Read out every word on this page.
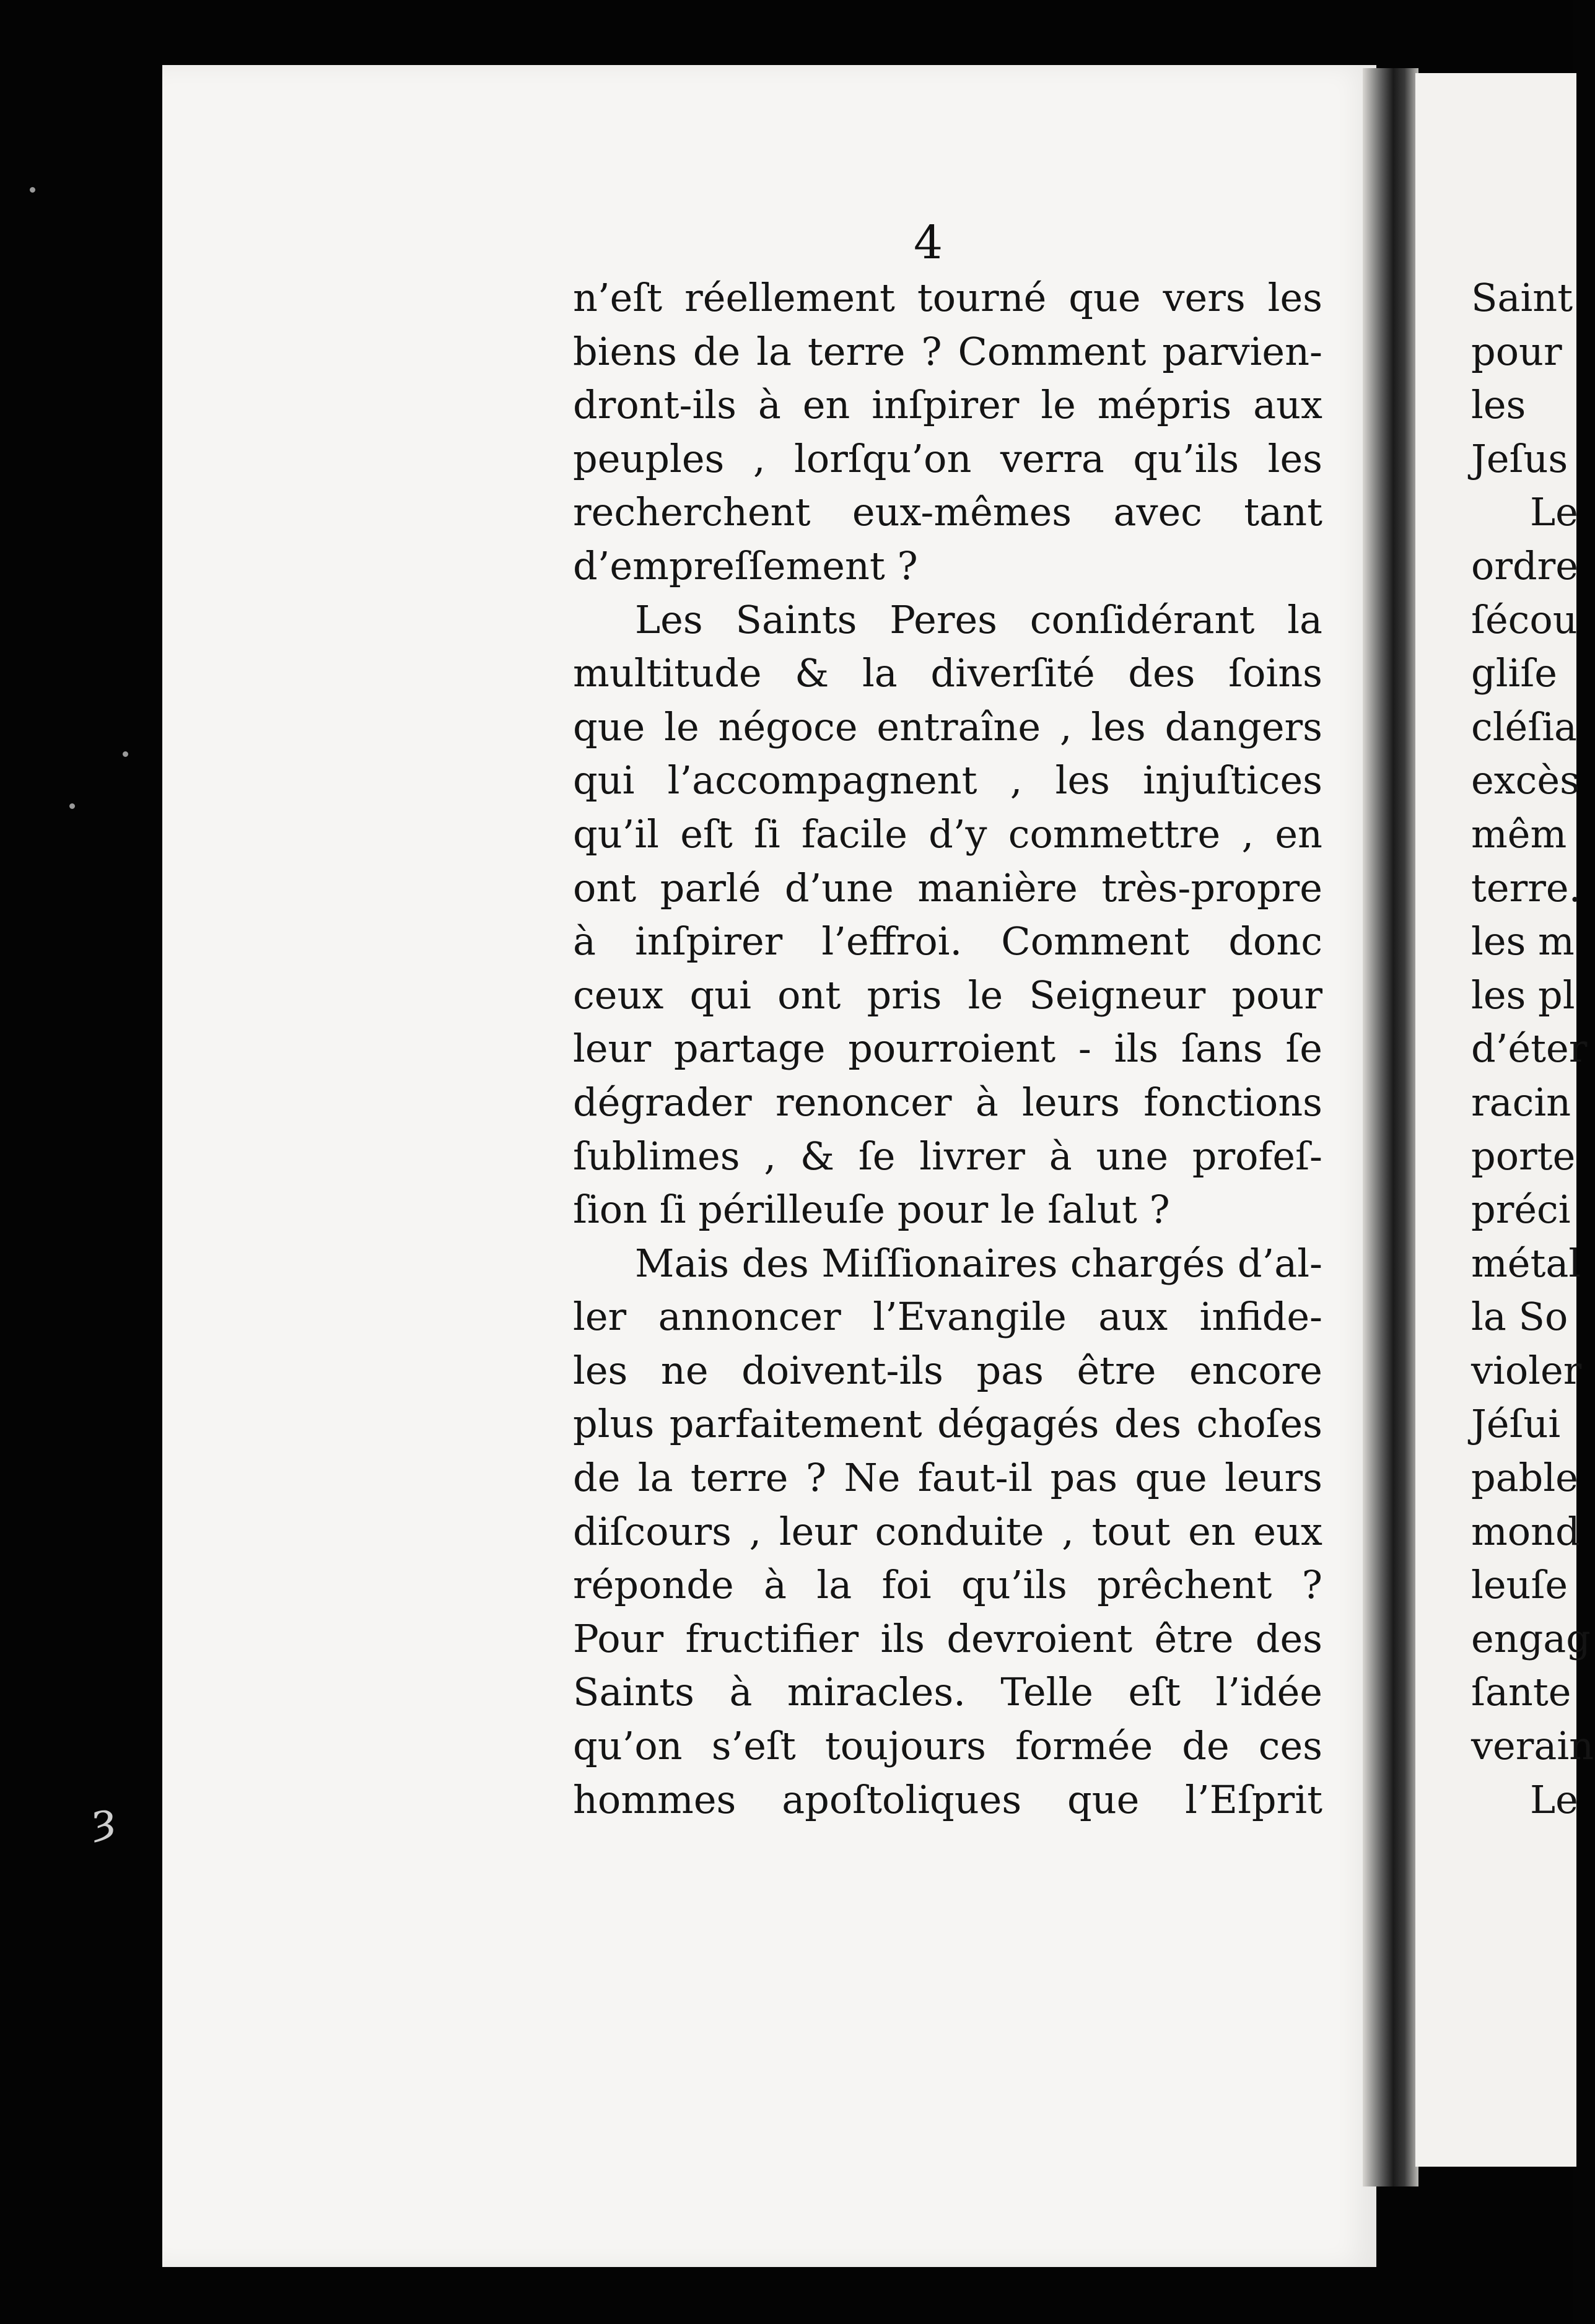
4
n’eſt réellement tourné que vers les
biens de la terre ? Comment parvien-
dront-ils à en inſpirer le mépris aux
peuples , lorſqu’on verra qu’ils les
recherchent eux-mêmes avec tant
d’empreſſement ?
Les Saints Peres conſidérant la
multitude & la diverſité des ſoins
que le négoce entraîne , les dangers
qui l’accompagnent , les injuſtices
qu’il eſt ſi facile d’y commettre , en
ont parlé d’une manière très-propre
à inſpirer l’effroi. Comment donc
ceux qui ont pris le Seigneur pour
leur partage pourroient - ils ſans ſe
dégrader renoncer à leurs fonctions
ſublimes , & ſe livrer à une profeſ-
ſion ſi périlleuſe pour le ſalut ?
Mais des Miſſionaires chargés d’al-
ler annoncer l’Evangile aux infide-
les ne doivent-ils pas être encore
plus parfaitement dégagés des choſes
de la terre ? Ne faut-il pas que leurs
diſcours , leur conduite , tout en eux
réponde à la foi qu’ils prêchent ?
Pour fructifier ils devroient être des
Saints à miracles. Telle eſt l’idée
qu’on s’eſt toujours formée de ces
hommes apoſtoliques que l’Eſprit
Saint
pour
les
Jeſus
Le
ordre
ſécou
gliſe
cléſia
excès
mêm
terre.
les m
les pl
d’éter
racin
porte
préci
métal
la So
violer
Jéſui
pable
mond
leuſe
engag
ſante
verain
Le
ȝ
